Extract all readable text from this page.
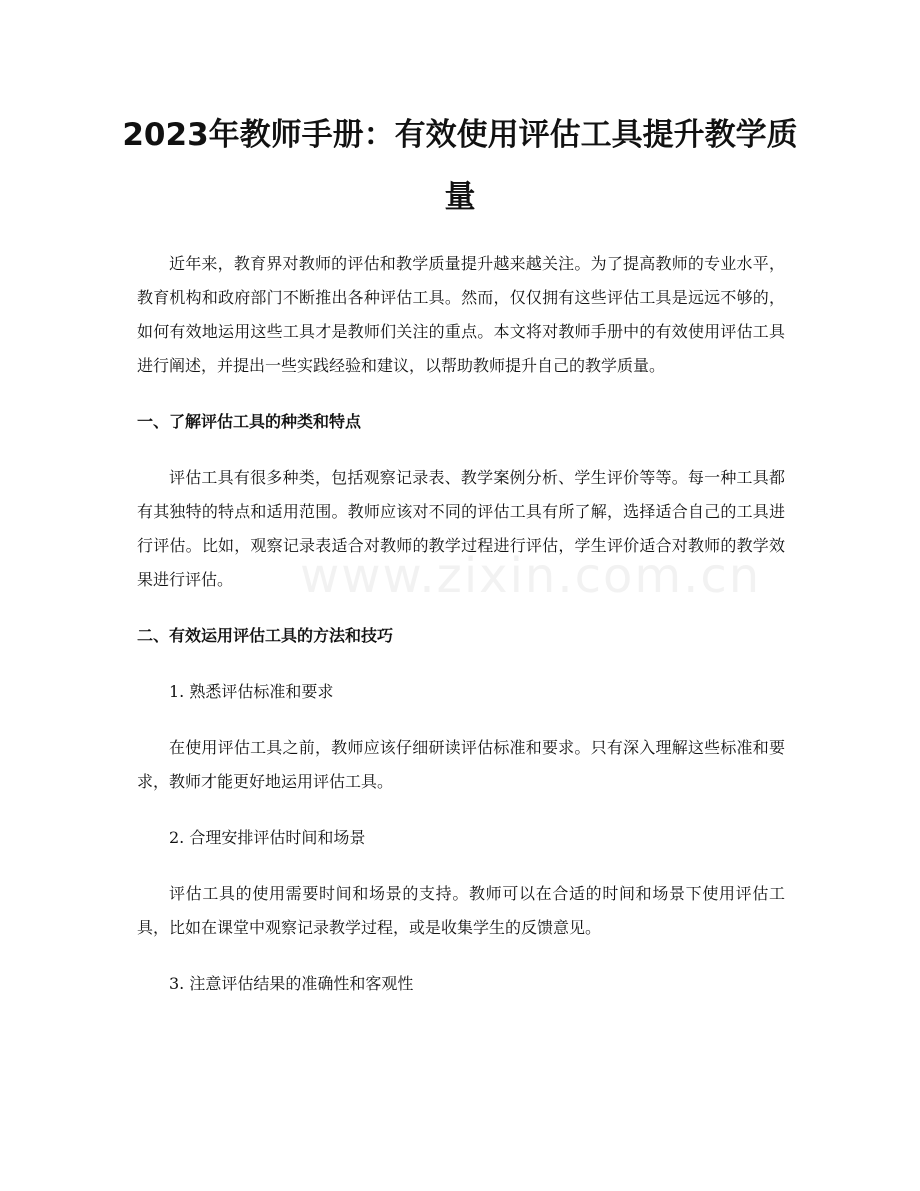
2023年教师手册：有效使用评估工具提升教学质量

近年来，教育界对教师的评估和教学质量提升越来越关注。为了提高教师的专业水平，教育机构和政府部门不断推出各种评估工具。然而，仅仅拥有这些评估工具是远远不够的，如何有效地运用这些工具才是教师们关注的重点。本文将对教师手册中的有效使用评估工具进行阐述，并提出一些实践经验和建议，以帮助教师提升自己的教学质量。

一、了解评估工具的种类和特点

评估工具有很多种类，包括观察记录表、教学案例分析、学生评价等等。每一种工具都有其独特的特点和适用范围。教师应该对不同的评估工具有所了解，选择适合自己的工具进行评估。比如，观察记录表适合对教师的教学过程进行评估，学生评价适合对教师的教学效果进行评估。

二、有效运用评估工具的方法和技巧

1. 熟悉评估标准和要求

在使用评估工具之前，教师应该仔细研读评估标准和要求。只有深入理解这些标准和要求，教师才能更好地运用评估工具。

2. 合理安排评估时间和场景

评估工具的使用需要时间和场景的支持。教师可以在合适的时间和场景下使用评估工具，比如在课堂中观察记录教学过程，或是收集学生的反馈意见。

3. 注意评估结果的准确性和客观性

www.zixin.com.cn
